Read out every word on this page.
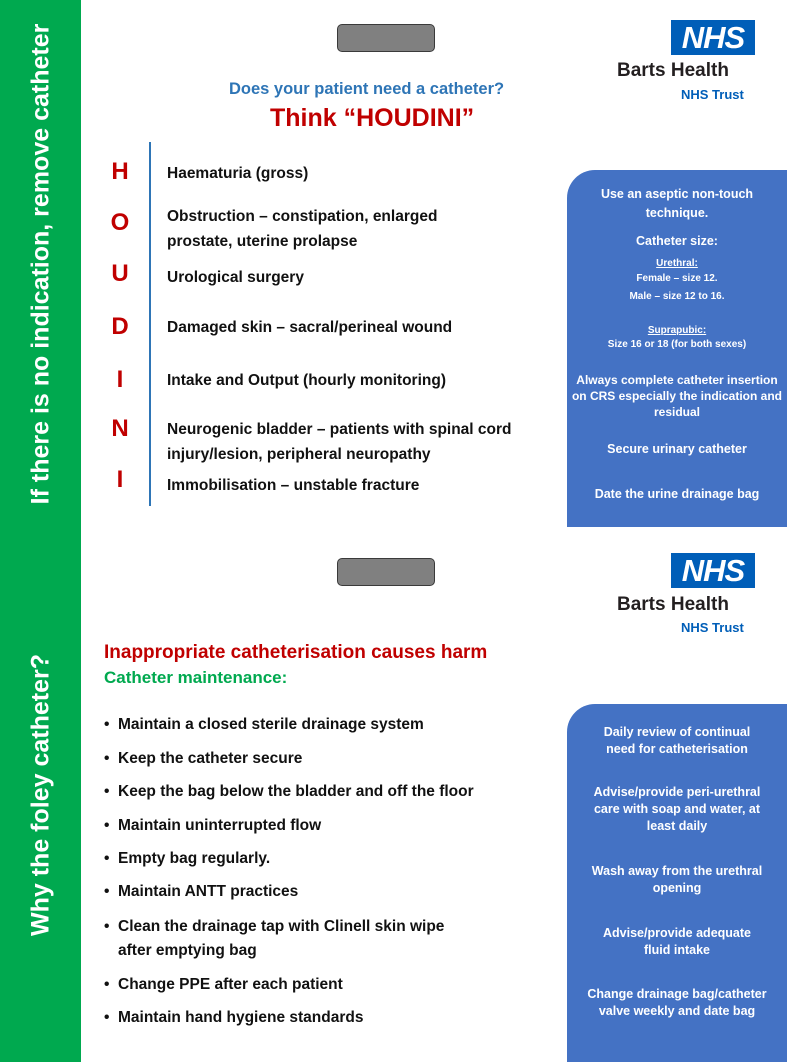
If there is no indication, remove catheter	NHS
Barts Health
NHS Trust
Does your patient need a catheter?
Think “HOUDINI”
H	Haematuria (gross)
O	Obstruction – constipation, enlarged prostate, uterine prolapse
U	Urological surgery
D	Damaged skin – sacral/perineal wound
I	Intake and Output (hourly monitoring)
N	Neurogenic bladder – patients with spinal cord injury/lesion, peripheral neuropathy
I	Immobilisation – unstable fracture

Use an aseptic non-touch technique.

Catheter size:

Urethral:

Female – size 12.

Male – size 12 to 16.

Suprapubic:

Size 16 or 18 (for both sexes)

Always complete catheter insertion on CRS especially the indication and residual

Secure urinary catheter

Date the urine drainage bag

Why the foley catheter?
NHS
Barts Health
NHS Trust
Inappropriate catheterisation causes harm
Catheter maintenance:
• Maintain a closed sterile drainage system
• Keep the catheter secure
• Keep the bag below the bladder and off the floor
• Maintain uninterrupted flow
• Empty bag regularly.
• Maintain ANTT practices
• Clean the drainage tap with Clinell skin wipe
after emptying bag
• Change PPE after each patient
• Maintain hand hygiene standards

Daily review of continual need for catheterisation

Advise/provide peri-urethral care with soap and water, at least daily

Wash away from the urethral opening

Advise/provide adequate fluid intake

Change drainage bag/catheter valve weekly and date bag
